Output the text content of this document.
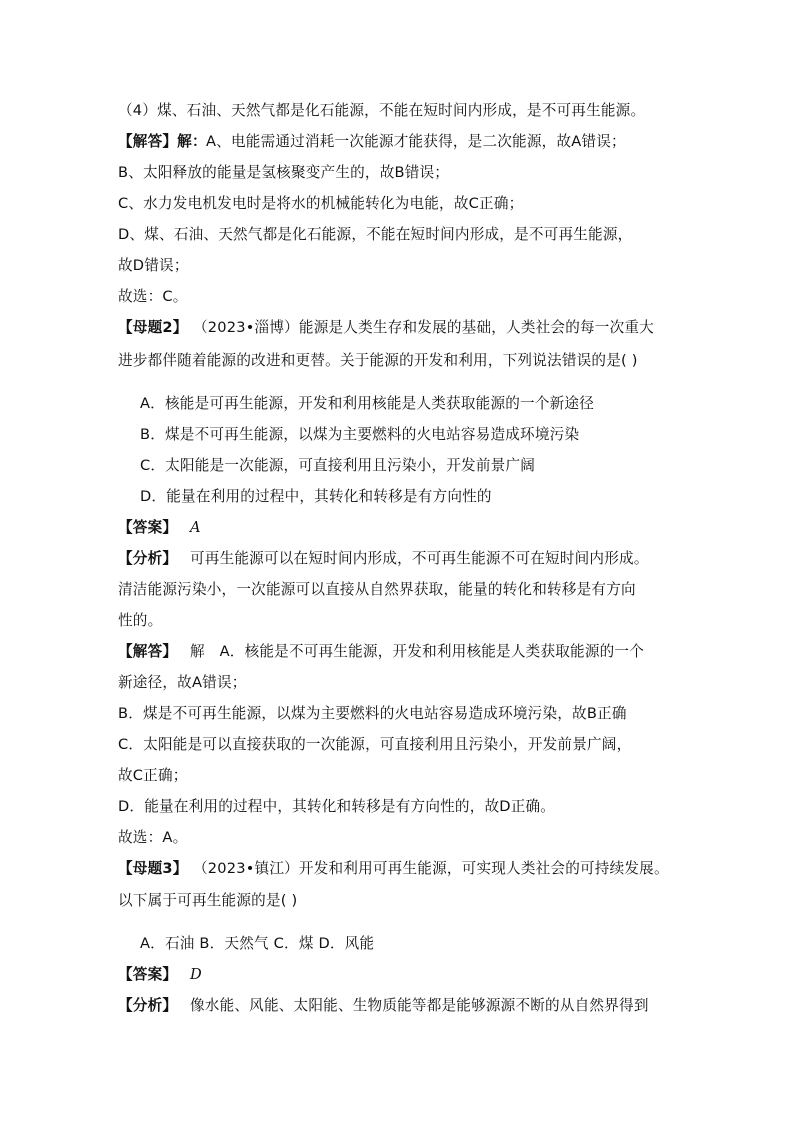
（4）煤、石油、天然气都是化石能源，不能在短时间内形成，是不可再生能源。
【解答】解： A、电能需通过消耗一次能源才能获得，是二次能源，故A错误；
B、太阳释放的能量是氢核聚变产生的，故B错误；
C、水力发电机发电时是将水的机械能转化为电能，故C正确；
D、煤、石油、天然气都是化石能源，不能在短时间内形成，是不可再生能源，
故D错误；
故选：C。
【母题2】 （2023•淄博）能源是人类生存和发展的基础，人类社会的每一次重大
进步都伴随着能源的改进和更替。关于能源的开发和利用，下列说法错误的是( )
A．核能是可再生能源，开发和利用核能是人类获取能源的一个新途径
B．煤是不可再生能源，以煤为主要燃料的火电站容易造成环境污染
C．太阳能是一次能源，可直接利用且污染小，开发前景广阔
D．能量在利用的过程中，其转化和转移是有方向性的
【答案】 A
【分析】 可再生能源可以在短时间内形成，不可再生能源不可在短时间内形成。
清洁能源污染小，一次能源可以直接从自然界获取，能量的转化和转移是有方向
性的。
【解答】 解　A．核能是不可再生能源，开发和利用核能是人类获取能源的一个
新途径，故A错误；
B．煤是不可再生能源，以煤为主要燃料的火电站容易造成环境污染，故B正确
C．太阳能是可以直接获取的一次能源，可直接利用且污染小，开发前景广阔，
故C正确；
D．能量在利用的过程中，其转化和转移是有方向性的，故D正确。
故选：A。
【母题3】 （2023•镇江）开发和利用可再生能源，可实现人类社会的可持续发展。
以下属于可再生能源的是( )
A．石油 B．天然气 C．煤 D．风能
【答案】 D
【分析】 像水能、风能、太阳能、生物质能等都是能够源源不断的从自然界得到
